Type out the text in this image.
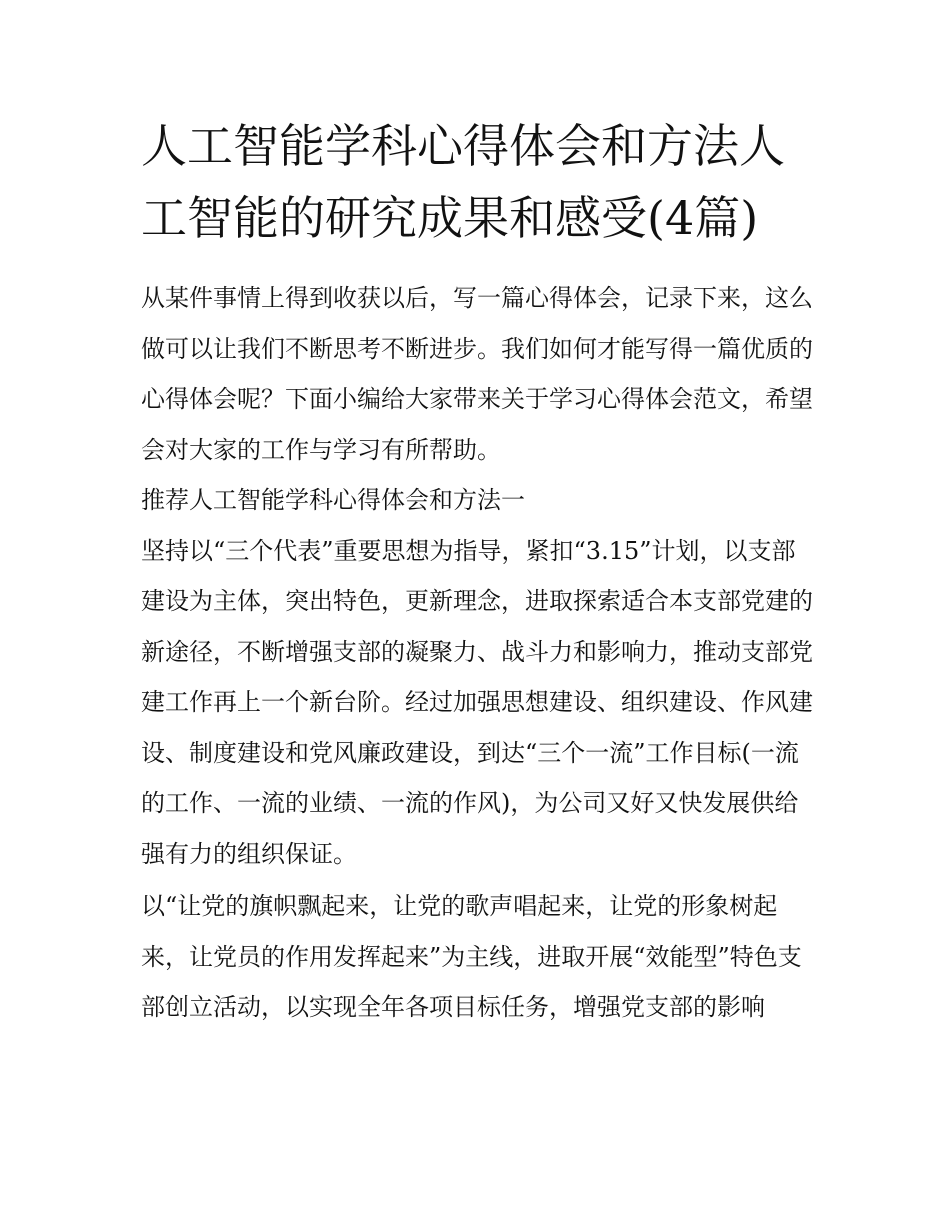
人工智能学科心得体会和方法人工智能的研究成果和感受(4篇)

从某件事情上得到收获以后，写一篇心得体会，记录下来，这么做可以让我们不断思考不断进步。我们如何才能写得一篇优质的心得体会呢？下面小编给大家带来关于学习心得体会范文，希望会对大家的工作与学习有所帮助。

推荐人工智能学科心得体会和方法一

坚持以“三个代表”重要思想为指导，紧扣“3.15”计划，以支部建设为主体，突出特色，更新理念，进取探索适合本支部党建的新途径，不断增强支部的凝聚力、战斗力和影响力，推动支部党建工作再上一个新台阶。经过加强思想建设、组织建设、作风建设、制度建设和党风廉政建设，到达“三个一流”工作目标(一流的工作、一流的业绩、一流的作风)，为公司又好又快发展供给强有力的组织保证。

以“让党的旗帜飘起来，让党的歌声唱起来，让党的形象树起来，让党员的作用发挥起来”为主线，进取开展“效能型”特色支部创立活动，以实现全年各项目标任务，增强党支部的影响
